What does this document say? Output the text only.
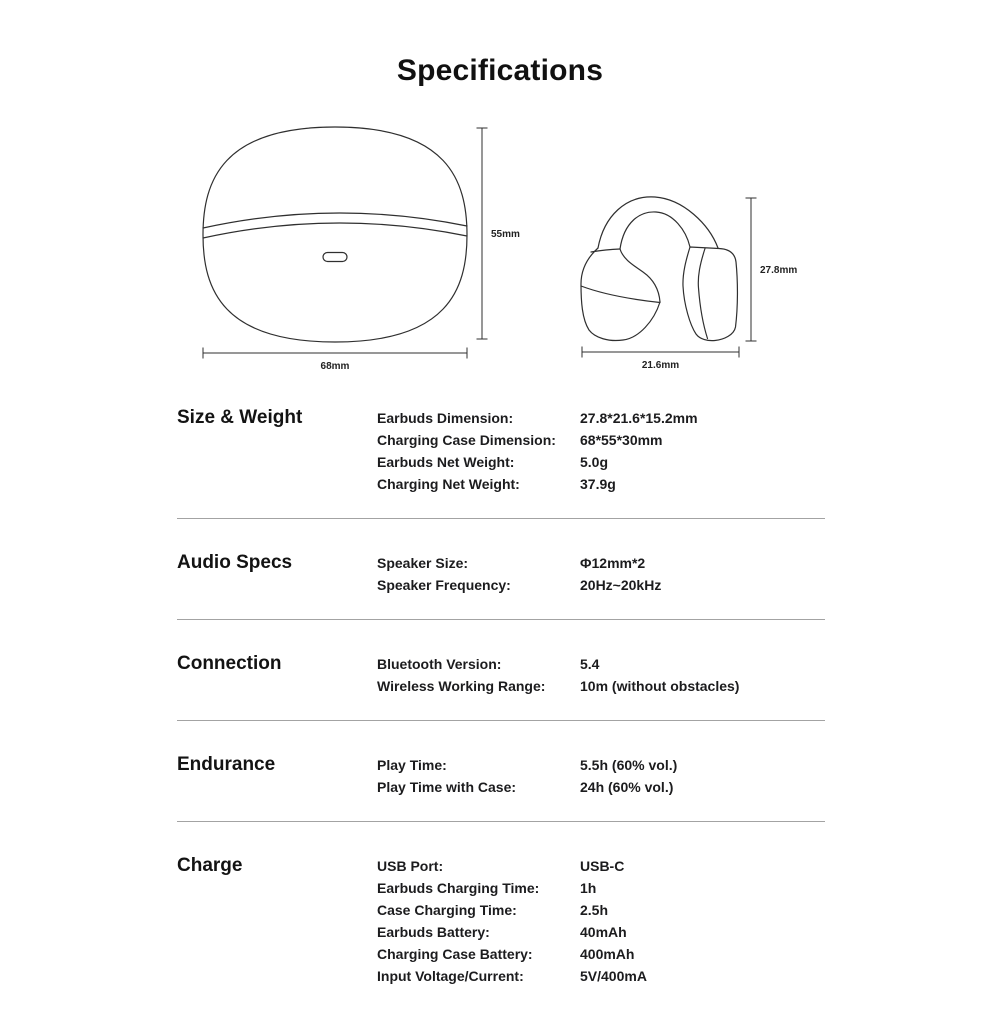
Specifications
55mm
68mm
27.8mm
21.6mm
Size & Weight	Earbuds Dimension:	27.8*21.6*15.2mm
Charging Case Dimension:	68*55*30mm
Earbuds Net Weight:	5.0g
Charging Net Weight:	37.9g
Audio Specs	Speaker Size:	Φ12mm*2
Speaker Frequency:	20Hz~20kHz
Connection	Bluetooth Version:	5.4
Wireless Working Range:	10m (without obstacles)
Endurance	Play Time:	5.5h (60% vol.)
Play Time with Case:	24h (60% vol.)
Charge	USB Port:	USB-C
Earbuds Charging Time:	1h
Case Charging Time:	2.5h
Earbuds Battery:	40mAh
Charging Case Battery:	400mAh
Input Voltage/Current:	5V/400mA
